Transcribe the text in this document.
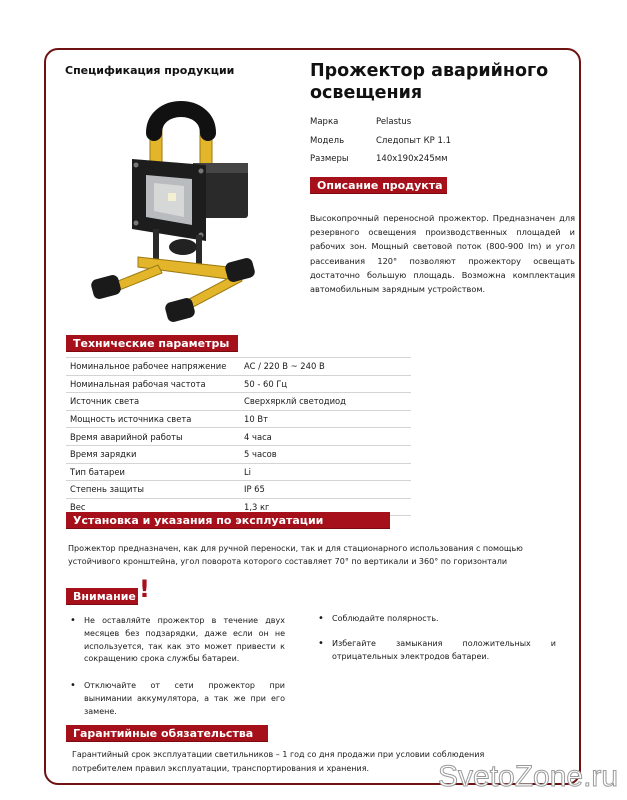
Спецификация продукции	Прожектор аварийного освещения
Марка	Pelastus
Модель	Следопыт КР 1.1
Размеры	140x190x245мм
Описание продукта
Высокопрочный переносной прожектор. Предназначен для резервного освещения производственных площадей и рабочих зон. Мощный световой поток (800-900 lm) и угол рассеивания 120° позволяют прожектору освещать достаточно большую площадь. Возможна комплектация автомобильным зарядным устройством.
Технические параметры
Номинальное рабочее напряжение	AC / 220 В ~ 240 В
Номинальная рабочая частота	50 - 60 Гц
Источник света	Сверхярклй светодиод
Мощность источника света	10 Вт
Время аварийной работы	4 часа
Время зарядки	5 часов
Тип батареи	Li
Степень защиты	IP 65
Вес	1,3 кг
Установка и указания по эксплуатации
Прожектор предназначен, как для ручной переноски, так и для стационарного использования с помощью устойчивого кронштейна, угол поворота которого составляет 70° по вертикали и 360° по горизонтали
Внимание !
• Не оставляйте прожектор в течение двух месяцев без подзарядки, даже если он не используется, так как это может привести к сокращению срока службы батареи.
• Отключайте от сети прожектор при вынимании аккумулятора, а так же при его замене.
• Соблюдайте полярность.
• Избегайте замыкания положительных и отрицательных электродов батареи.
Гарантийные обязательства
Гарантийный срок эксплуатации светильников – 1 год со дня продажи при условии соблюдения потребителем правил эксплуатации, транспортирования и хранения.	SvetoZone.ru
